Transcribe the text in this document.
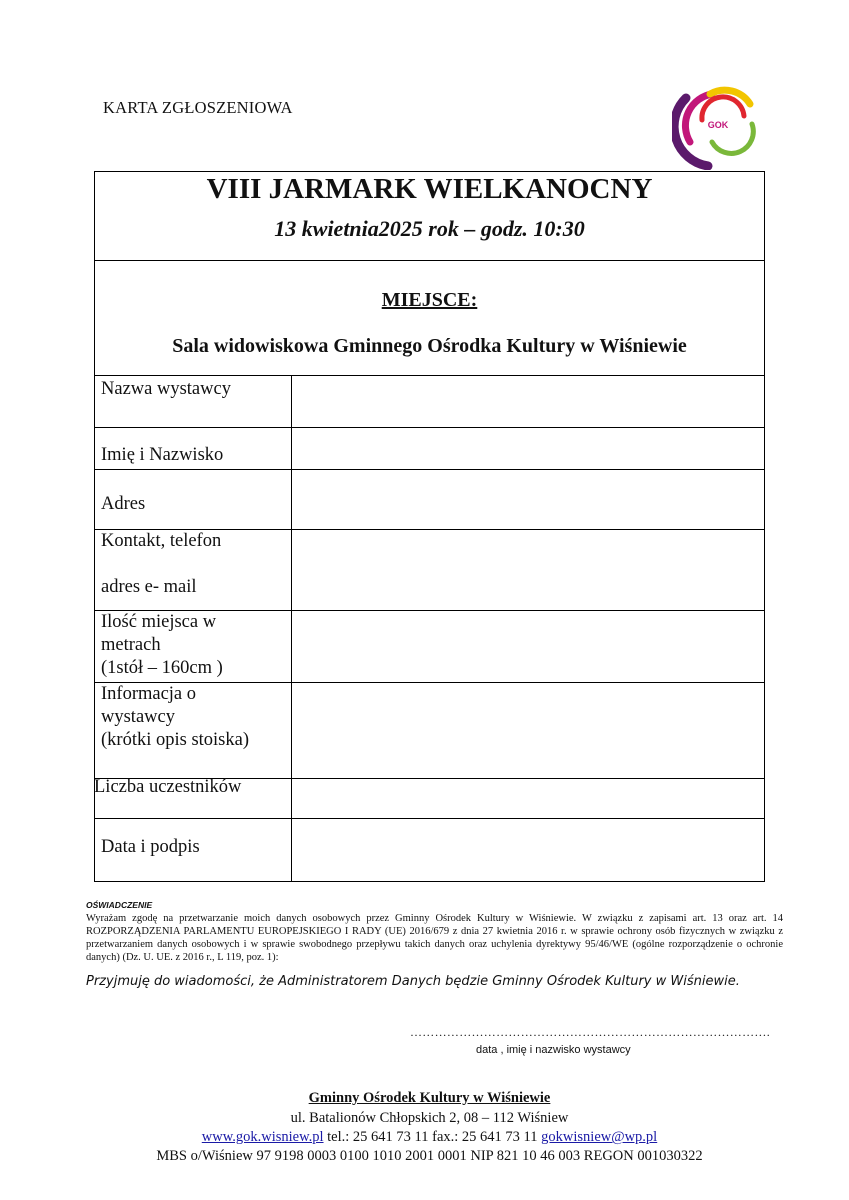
KARTA ZGŁOSZENIOWA
GOK
VIII JARMARK WIELKANOCNY
13 kwietnia2025 rok – godz. 10:30
MIEJSCE:
Sala widowiskowa Gminnego Ośrodka Kultury w Wiśniewie
Nazwa wystawcy
Imię i Nazwisko
Adres
Kontakt, telefon
adres e- mail
Ilość miejsca w
metrach
(1stół – 160cm )
Informacja o
wystawcy
(krótki opis stoiska)
Liczba uczestników
Data i podpis
OŚWIADCZENIE
Wyrażam zgodę na przetwarzanie moich danych osobowych przez Gminny Ośrodek Kultury w Wiśniewie. W związku z zapisami art. 13 oraz art. 14 ROZPORZĄDZENIA PARLAMENTU EUROPEJSKIEGO I RADY (UE) 2016/679 z dnia 27 kwietnia 2016 r. w sprawie ochrony osób fizycznych w związku z przetwarzaniem danych osobowych i w sprawie swobodnego przepływu takich danych oraz uchylenia dyrektywy 95/46/WE (ogólne rozporządzenie o ochronie danych) (Dz. U. UE. z 2016 r., L 119, poz. 1):
Przyjmuję do wiadomości, że Administratorem Danych będzie Gminny Ośrodek Kultury w Wiśniewie.
…………………………………………………………………………….
data , imię i nazwisko wystawcy
Gminny Ośrodek Kultury w Wiśniewie
ul. Batalionów Chłopskich 2, 08 – 112 Wiśniew
www.gok.wisniew.pl tel.: 25 641 73 11 fax.: 25 641 73 11 gokwisniew@wp.pl
MBS o/Wiśniew 97 9198 0003 0100 1010 2001 0001 NIP 821 10 46 003 REGON 001030322
